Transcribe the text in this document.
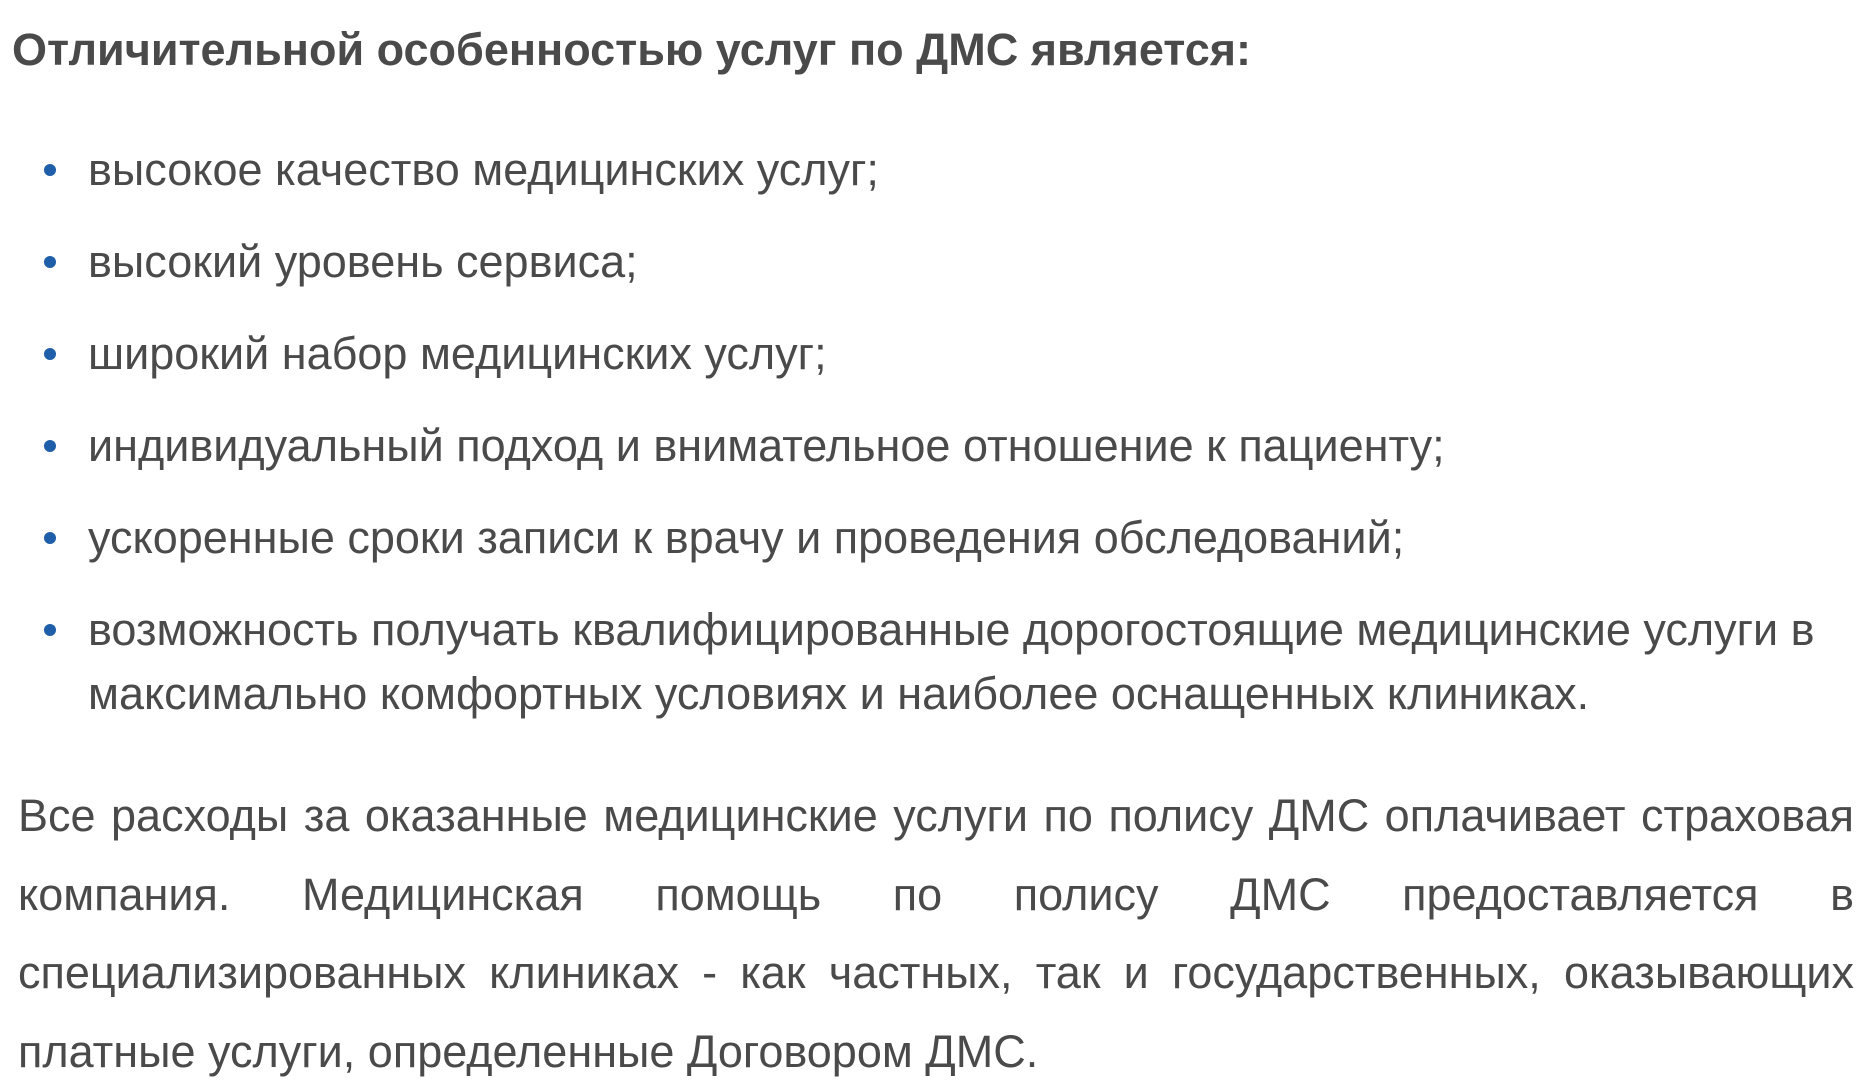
Отличительной особенностью услуг по ДМС является:
высокое качество медицинских услуг;
высокий уровень сервиса;
широкий набор медицинских услуг;
индивидуальный подход и внимательное отношение к пациенту;
ускоренные сроки записи к врачу и проведения обследований;
возможность получать квалифицированные дорогостоящие медицинские услуги в максимально комфортных условиях и наиболее оснащенных клиниках.

Все расходы за оказанные медицинские услуги по полису ДМС оплачивает страховая компания. Медицинская помощь по полису ДМС предоставляется в специализированных клиниках - как частных, так и государственных, оказывающих платные услуги, определенные Договором ДМС.
